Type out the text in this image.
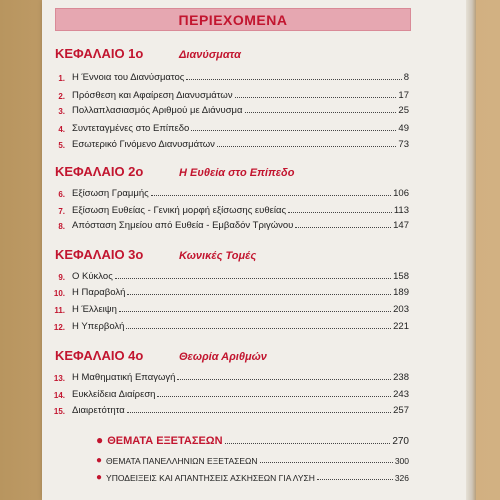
ΠΕΡΙΕΧΟΜΕΝΑ
ΚΕΦΑΛΑΙΟ 1ο	Διανύσματα
1. Η Έννοια του Διανύσματος	8
2. Πρόσθεση και Αφαίρεση Διανυσμάτων	17
3. Πολλαπλασιασμός Αριθμού με Διάνυσμα	25
4. Συντεταγμένες στο Επίπεδο	49
5. Εσωτερικό Γινόμενο Διανυσμάτων	73
ΚΕΦΑΛΑΙΟ 2ο	Η Ευθεία στο Επίπεδο
6. Εξίσωση Γραμμής	106
7. Εξίσωση Ευθείας - Γενική μορφή εξίσωσης ευθείας	113
8. Απόσταση Σημείου από Ευθεία - Εμβαδόν Τριγώνου	147
ΚΕΦΑΛΑΙΟ 3ο	Κωνικές Τομές
9. Ο Κύκλος	158
10. Η Παραβολή	189
11. Η Έλλειψη	203
12. Η Υπερβολή	221
ΚΕΦΑΛΑΙΟ 4ο	Θεωρία Αριθμών
13. Η Μαθηματική Επαγωγή	238
14. Ευκλείδεια Διαίρεση	243
15. Διαιρετότητα	257
● ΘΕΜΑΤΑ ΕΞΕΤΑΣΕΩΝ	270
● ΘΕΜΑΤΑ ΠΑΝΕΛΛΗΝΙΩΝ ΕΞΕΤΑΣΕΩΝ	300
● ΥΠΟΔΕΙΞΕΙΣ ΚΑΙ ΑΠΑΝΤΗΣΕΙΣ ΑΣΚΗΣΕΩΝ ΓΙΑ ΛΥΣΗ	326
